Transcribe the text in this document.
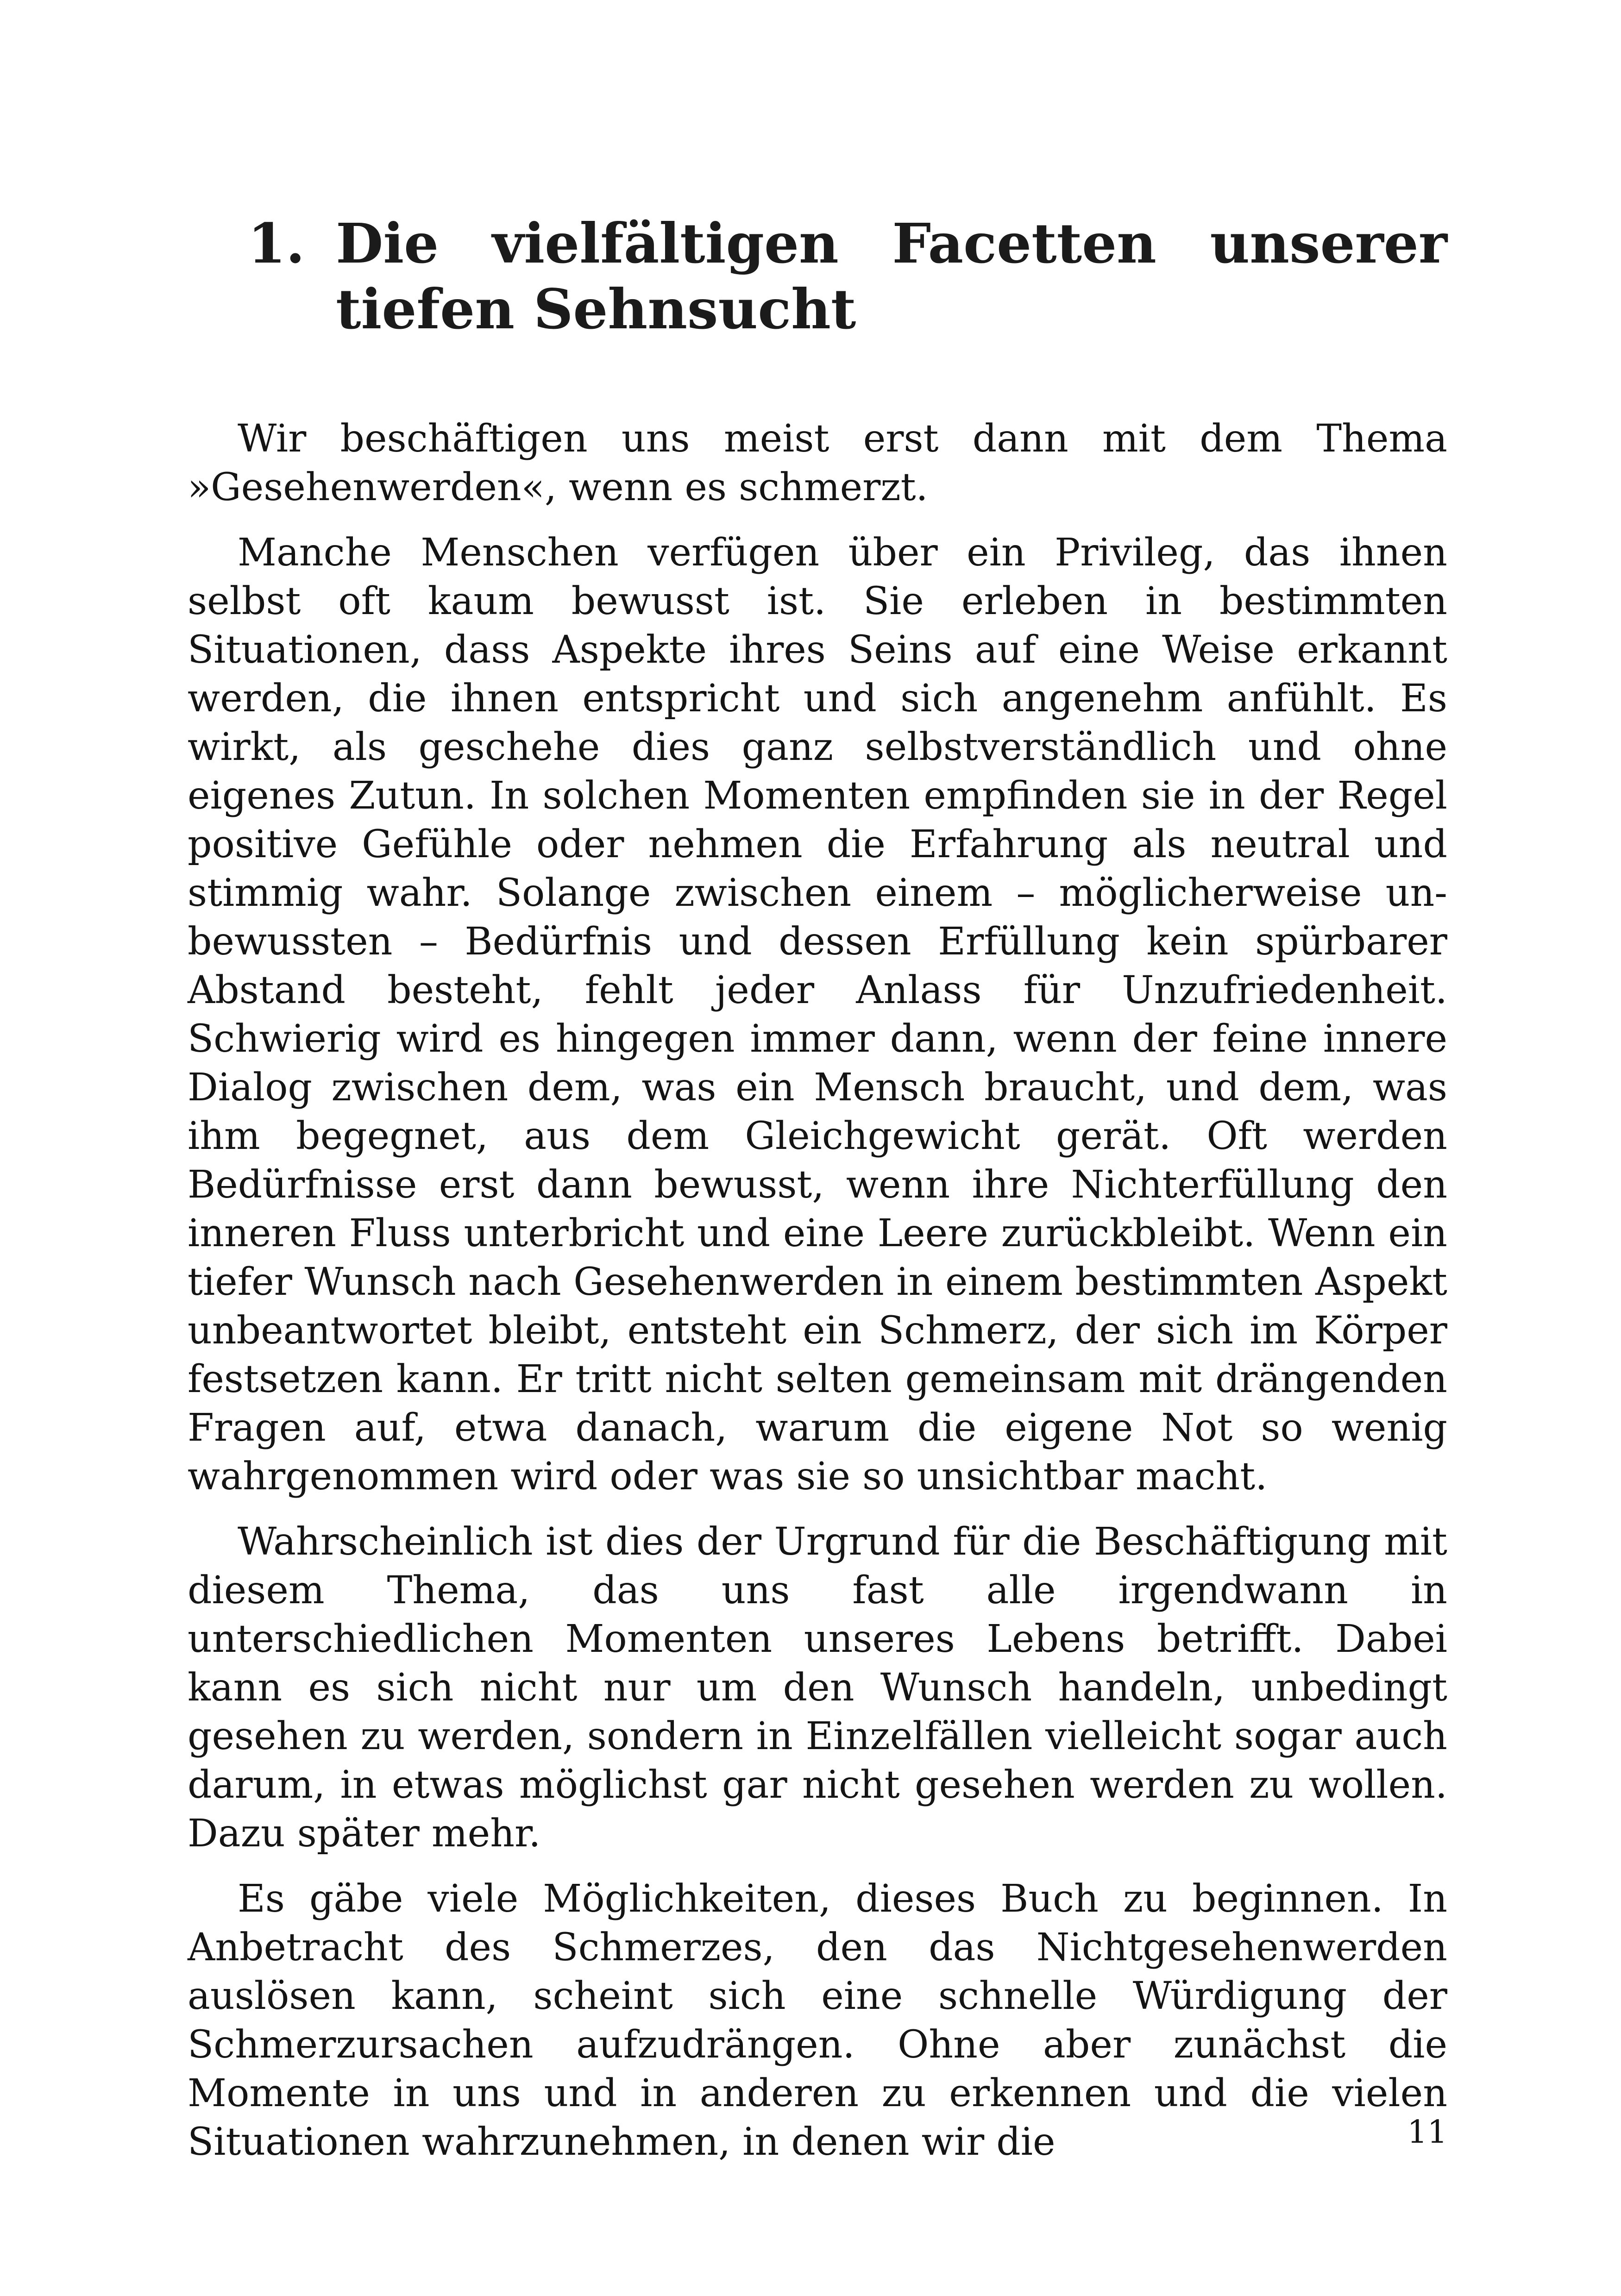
1. Die vielfältigen Facetten unserer tiefen Sehnsucht

Wir beschäftigen uns meist erst dann mit dem Thema »Gesehenwerden«, wenn es schmerzt.

Manche Menschen verfügen über ein Privileg, das ihnen selbst oft kaum bewusst ist. Sie erleben in bestimmten Situationen, dass Aspekte ihres Seins auf eine Weise erkannt werden, die ihnen entspricht und sich angenehm anfühlt. Es wirkt, als geschehe dies ganz selbstverständlich und ohne eigenes Zutun. In solchen Momenten empfinden sie in der Regel positive Gefühle oder nehmen die Erfahrung als neutral und stimmig wahr. Solange zwischen einem – möglicherweise unbewussten – Bedürfnis und dessen Erfüllung kein spürbarer Abstand besteht, fehlt jeder Anlass für Unzufriedenheit. Schwierig wird es hingegen immer dann, wenn der feine innere Dialog zwischen dem, was ein Mensch braucht, und dem, was ihm begegnet, aus dem Gleichgewicht gerät. Oft werden Bedürfnisse erst dann bewusst, wenn ihre Nichterfüllung den inneren Fluss unterbricht und eine Leere zurückbleibt. Wenn ein tiefer Wunsch nach Gesehenwerden in einem bestimmten Aspekt unbeantwortet bleibt, entsteht ein Schmerz, der sich im Körper festsetzen kann. Er tritt nicht selten gemeinsam mit drängenden Fragen auf, etwa danach, warum die eigene Not so wenig wahrgenommen wird oder was sie so unsichtbar macht.

Wahrscheinlich ist dies der Urgrund für die Beschäftigung mit diesem Thema, das uns fast alle irgendwann in unterschiedlichen Momenten unseres Lebens betrifft. Dabei kann es sich nicht nur um den Wunsch handeln, unbedingt gesehen zu werden, sondern in Einzelfällen vielleicht sogar auch darum, in etwas möglichst gar nicht gesehen werden zu wollen. Dazu später mehr.

Es gäbe viele Möglichkeiten, dieses Buch zu beginnen. In Anbetracht des Schmerzes, den das Nichtgesehenwerden auslösen kann, scheint sich eine schnelle Würdigung der Schmerzursachen aufzudrängen. Ohne aber zunächst die Momente in uns und in anderen zu erkennen und die vielen Situationen wahrzunehmen, in denen wir die	11
